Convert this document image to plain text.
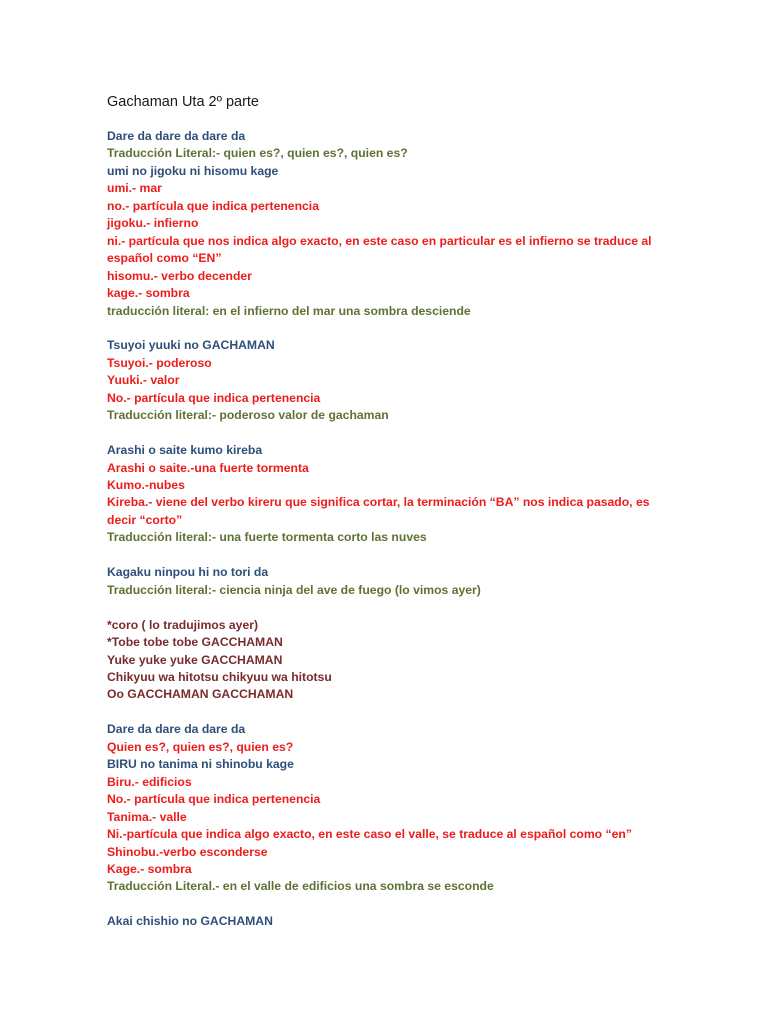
Gachaman Uta 2º parte
Dare da dare da dare da
Traducción Literal:- quien es?, quien es?, quien es?
umi no jigoku ni hisomu kage
umi.- mar
no.- partícula que indica pertenencia
jigoku.- infierno
ni.- partícula que nos indica algo exacto, en este caso en particular es el infierno se traduce al español como “EN”
hisomu.- verbo decender
kage.- sombra
traducción literal: en el infierno del mar una sombra desciende
Tsuyoi yuuki no GACHAMAN
Tsuyoi.- poderoso
Yuuki.- valor
No.- partícula que indica pertenencia
Traducción literal:- poderoso valor de gachaman
Arashi o saite kumo kireba
Arashi o saite.-una fuerte tormenta
Kumo.-nubes
Kireba.- viene del verbo kireru que significa cortar, la terminación “BA” nos indica pasado, es decir “corto”
Traducción literal:- una fuerte tormenta corto las nuves
Kagaku ninpou hi no tori da
Traducción literal:- ciencia ninja del ave de fuego (lo vimos ayer)
*coro ( lo tradujimos ayer)
*Tobe tobe tobe GACCHAMAN
Yuke yuke yuke GACCHAMAN
Chikyuu wa hitotsu chikyuu wa hitotsu
Oo GACCHAMAN GACCHAMAN
Dare da dare da dare da
Quien es?, quien es?, quien es?
BIRU no tanima ni shinobu kage
Biru.- edificios
No.- partícula que indica pertenencia
Tanima.- valle
Ni.-partícula que indica algo exacto, en este caso el valle, se traduce al español como “en”
Shinobu.-verbo esconderse
Kage.- sombra
Traducción Literal.- en el valle de edificios una sombra se esconde
Akai chishio no GACHAMAN
